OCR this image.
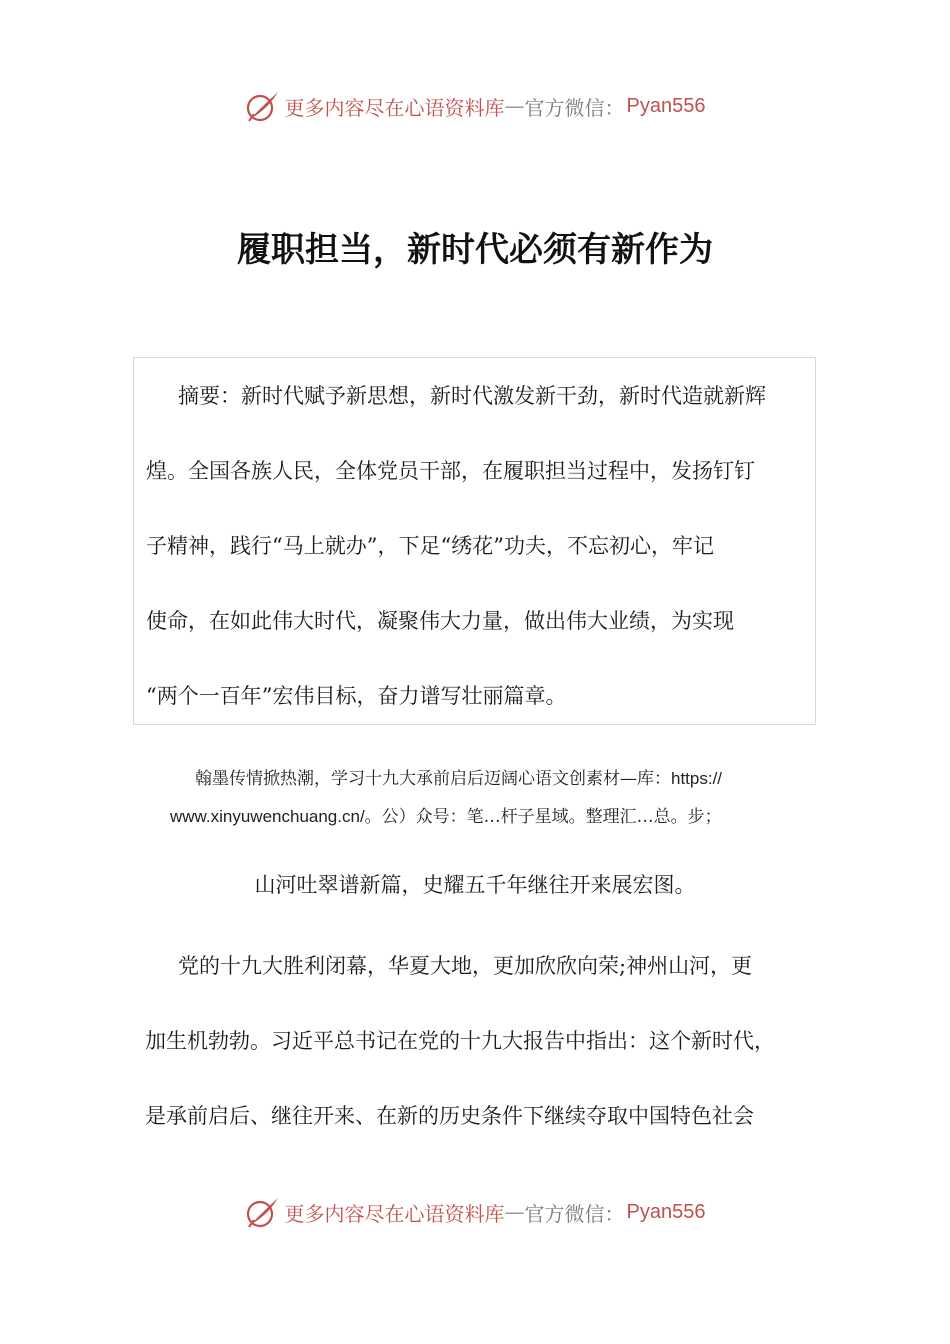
更多内容尽在心语资料库 — 官方微信： Pyan556
履职担当，新时代必须有新作为
摘要：新时代赋予新思想，新时代激发新干劲，新时代造就新辉
煌。全国各族人民，全体党员干部，在履职担当过程中，发扬钉钉
子精神，践行“马上就办”，下足“绣花”功夫，不忘初心，牢记
使命，在如此伟大时代，凝聚伟大力量，做出伟大业绩，为实现
“两个一百年”宏伟目标，奋力谱写壮丽篇章。
翰墨传情掀热潮，学习十九大承前启后迈阔心语文创素材—库：https://
www.xinyuwenchuang.cn/。公）众号：笔…杆子星域。整理汇…总。步；
山河吐翠谱新篇，史耀五千年继往开来展宏图。
党的十九大胜利闭幕，华夏大地，更加欣欣向荣;神州山河，更
加生机勃勃。习近平总书记在党的十九大报告中指出：这个新时代，
是承前启后、继往开来、在新的历史条件下继续夺取中国特色社会
更多内容尽在心语资料库 — 官方微信： Pyan556
